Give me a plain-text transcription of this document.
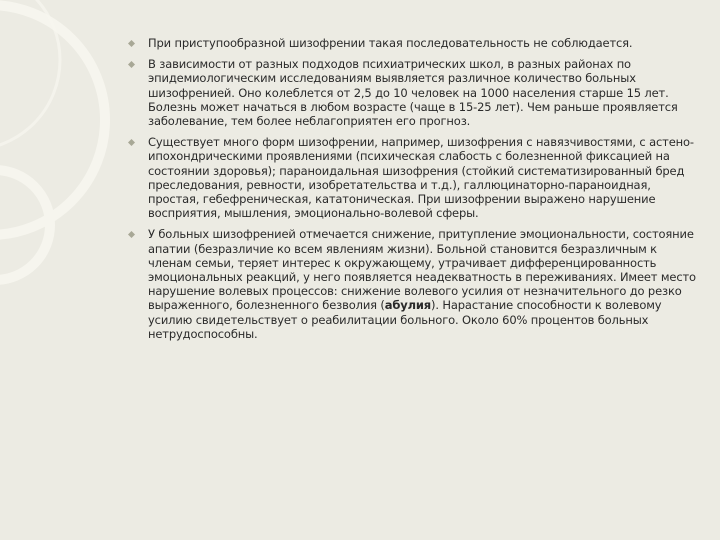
При приступообразной шизофрении такая последовательность не соблюдается.
В зависимости от разных подходов психиатрических школ, в разных районах по эпидемиологическим исследованиям выявляется различное количество больных шизофренией. Оно колеблется от 2,5 до 10 человек на 1000 населения старше 15 лет. Болезнь может начаться в любом возрасте (чаще в 15-25 лет). Чем раньше проявляется заболевание, тем более неблагоприятен его прогноз.
Существует много форм шизофрении, например, шизофрения с навязчивостями, с астено-ипохондрическими проявлениями (психическая слабость с болезненной фиксацией на состоянии здоровья); параноидальная шизофрения (стойкий систематизированный бред преследования, ревности, изобретательства и т.д.), галлюцинаторно-параноидная, простая, гебефреническая, кататоническая. При шизофрении выражено нарушение восприятия, мышления, эмоционально-волевой сферы.
У больных шизофренией отмечается снижение, притупление эмоциональности, состояние апатии (безразличие ко всем явлениям жизни). Больной становится безразличным к членам семьи, теряет интерес к окружающему, утрачивает дифференцированность эмоциональных реакций, у него появляется неадекватность в переживаниях. Имеет место нарушение волевых процессов: снижение волевого усилия от незначительного до резко выраженного, болезненного безволия (абулия). Нарастание способности к волевому усилию свидетельствует о реабилитации больного. Около 60% процентов больных нетрудоспособны.
